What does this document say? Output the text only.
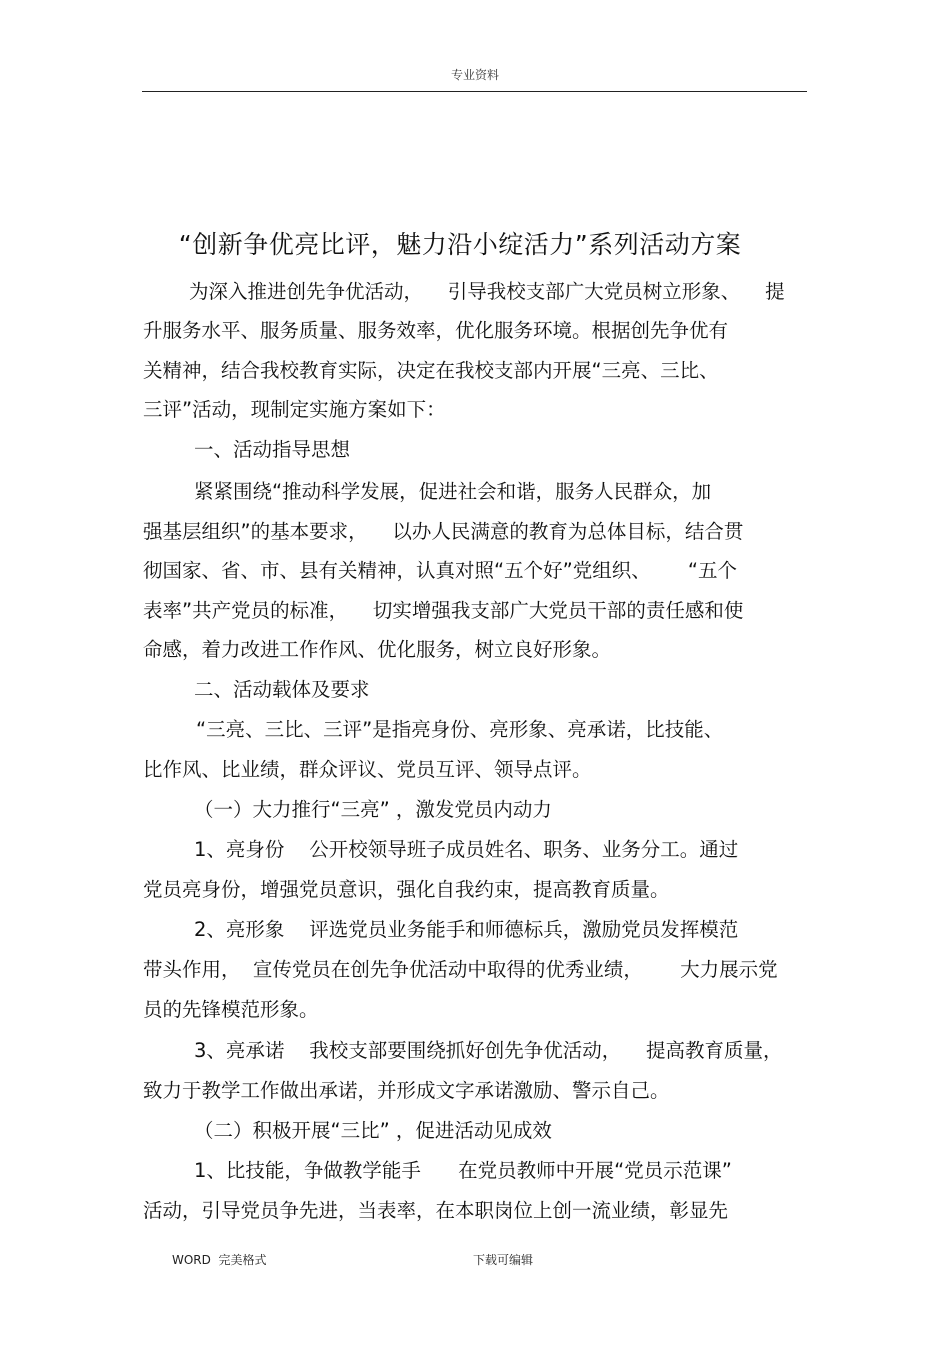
专业资料
“创新争优亮比评，魅力沿小绽活力”系列活动方案
为深入推进创先争优活动，    引导我校支部广大党员树立形象、    提
升服务水平、服务质量、服务效率，优化服务环境。根据创先争优有
关精神，结合我校教育实际，决定在我校支部内开展“三亮、三比、
三评”活动，现制定实施方案如下：
一、活动指导思想
紧紧围绕“推动科学发展，促进社会和谐，服务人民群众，加
强基层组织”的基本要求，    以办人民满意的教育为总体目标，结合贯
彻国家、省、市、县有关精神，认真对照“五个好”党组织、      “五个
表率”共产党员的标准，    切实增强我支部广大党员干部的责任感和使
命感，着力改进工作作风、优化服务，树立良好形象。
二、活动载体及要求
“三亮、三比、三评”是指亮身份、亮形象、亮承诺，比技能、
比作风、比业绩，群众评议、党员互评、领导点评。
（一）大力推行“三亮” ，激发党员内动力
1、亮身份    公开校领导班子成员姓名、职务、业务分工。通过
党员亮身份，增强党员意识，强化自我约束，提高教育质量。
2、亮形象    评选党员业务能手和师德标兵，激励党员发挥模范
带头作用，  宣传党员在创先争优活动中取得的优秀业绩，      大力展示党
员的先锋模范形象。
3、亮承诺    我校支部要围绕抓好创先争优活动，    提高教育质量，
致力于教学工作做出承诺，并形成文字承诺激励、警示自己。
（二）积极开展“三比” ，促进活动见成效
1、比技能，争做教学能手      在党员教师中开展“党员示范课”
活动，引导党员争先进，当表率，在本职岗位上创一流业绩，彰显先
WORD  完美格式	下载可编辑
